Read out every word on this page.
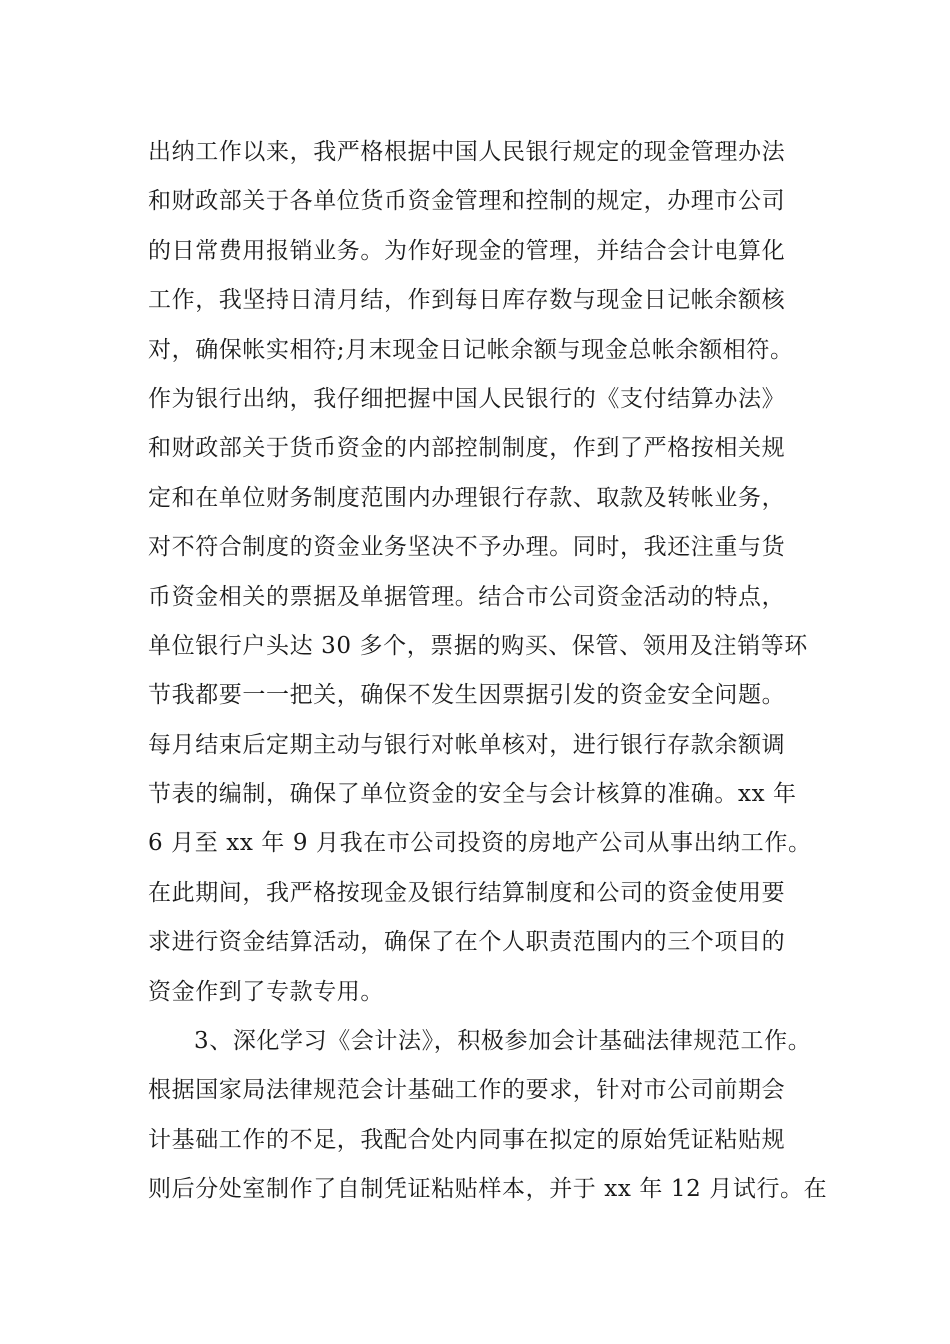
出纳工作以来，我严格根据中国人民银行规定的现金管理办法
和财政部关于各单位货币资金管理和控制的规定，办理市公司
的日常费用报销业务。为作好现金的管理，并结合会计电算化
工作，我坚持日清月结，作到每日库存数与现金日记帐余额核
对，确保帐实相符;月末现金日记帐余额与现金总帐余额相符。
作为银行出纳，我仔细把握中国人民银行的《支付结算办法》
和财政部关于货币资金的内部控制制度，作到了严格按相关规
定和在单位财务制度范围内办理银行存款、取款及转帐业务，
对不符合制度的资金业务坚决不予办理。同时，我还注重与货
币资金相关的票据及单据管理。结合市公司资金活动的特点，
单位银行户头达 30 多个，票据的购买、保管、领用及注销等环
节我都要一一把关，确保不发生因票据引发的资金安全问题。
每月结束后定期主动与银行对帐单核对，进行银行存款余额调
节表的编制，确保了单位资金的安全与会计核算的准确。xx 年
6 月至 xx 年 9 月我在市公司投资的房地产公司从事出纳工作。
在此期间，我严格按现金及银行结算制度和公司的资金使用要
求进行资金结算活动，确保了在个人职责范围内的三个项目的
资金作到了专款专用。
3、深化学习《会计法》，积极参加会计基础法律规范工作。
根据国家局法律规范会计基础工作的要求，针对市公司前期会
计基础工作的不足，我配合处内同事在拟定的原始凭证粘贴规
则后分处室制作了自制凭证粘贴样本，并于 xx 年 12 月试行。在
